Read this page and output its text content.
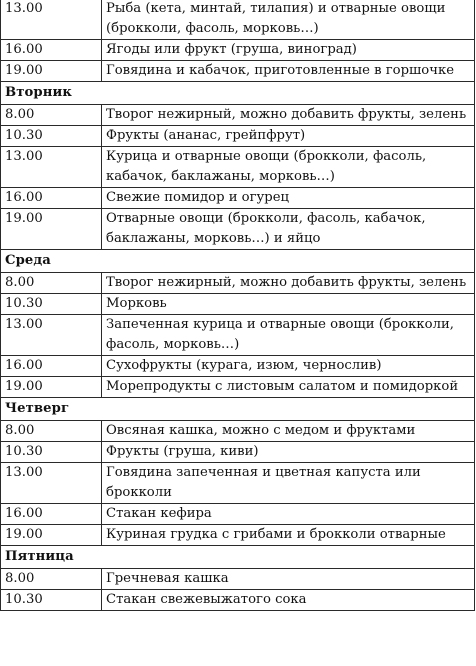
13.00	Рыба (кета, минтай, тилапия) и отварные овощи (брокколи, фасоль, морковь…)
16.00	Ягоды или фрукт (груша, виноград)
19.00	Говядина и кабачок, приготовленные в горшочке
Вторник	
8.00	Творог нежирный, можно добавить фрукты, зелень
10.30	Фрукты (ананас, грейпфрут)
13.00	Курица и отварные овощи (брокколи, фасоль, кабачок, баклажаны, морковь…)
16.00	Свежие помидор и огурец
19.00	Отварные овощи (брокколи, фасоль, кабачок, баклажаны, морковь…) и яйцо
Среда	
8.00	Творог нежирный, можно добавить фрукты, зелень
10.30	Морковь
13.00	Запеченная курица и отварные овощи (брокколи, фасоль, морковь…)
16.00	Сухофрукты (курага, изюм, чернослив)
19.00	Морепродукты с листовым салатом и помидоркой
Четверг	
8.00	Овсяная кашка, можно с медом и фруктами
10.30	Фрукты (груша, киви)
13.00	Говядина запеченная и цветная капуста или брокколи
16.00	Стакан кефира
19.00	Куриная грудка с грибами и брокколи отварные
Пятница	
8.00	Гречневая кашка
10.30	Стакан свежевыжатого сока
